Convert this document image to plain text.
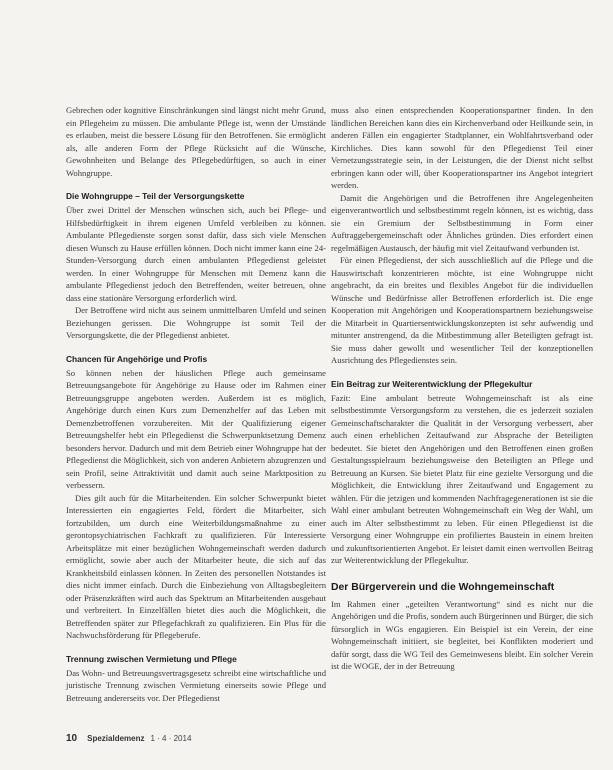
Gebrechen oder kognitive Einschränkungen sind längst nicht mehr Grund, ein Pflegeheim zu müssen. Die ambulante Pflege ist, wenn der Umstände es erlauben, meist die bessere Lösung für den Betroffenen. Sie ermöglicht als, alle anderen Form der Pflege Rücksicht auf die Wünsche, Gewohnheiten und Belange des Pflegebedürftigen, so auch in einer Wohngruppe.

Die Wohngruppe – Teil der Versorgungskette

Über zwei Drittel der Menschen wünschen sich, auch bei Pflege- und Hilfsbedürftigkeit in ihrem eigenen Umfeld verbleiben zu können. Ambulante Pflegedienste sorgen sonst dafür, dass sich viele Menschen diesen Wunsch zu Hause erfüllen können. Doch nicht immer kann eine 24-Stunden-Versorgung durch einen ambulanten Pflegedienst geleistet werden. In einer Wohngruppe für Menschen mit Demenz kann die ambulante Pflegedienst jedoch den Betreffenden, weiter betreuen, ohne dass eine stationäre Versorgung erforderlich wird.

Der Betroffene wird nicht aus seinem unmittelbaren Umfeld und seinen Beziehungen gerissen. Die Wohngruppe ist somit Teil der Versorgungskette, die der Pflegedienst anbietet.

Chancen für Angehörige und Profis

So können neben der häuslichen Pflege auch gemeinsame Betreuungsangebote für Angehörige zu Hause oder im Rahmen einer Betreuungsgruppe angeboten werden. Außerdem ist es möglich, Angehörige durch einen Kurs zum Demenzhelfer auf das Leben mit Demenzbetroffenen vorzubereiten. Mit der Qualifizierung eigener Betreuungshelfer hebt ein Pflegedienst die Schwerpunktsetzung Demenz besonders hervor. Dadurch und mit dem Betrieb einer Wohngruppe hat der Pflegedienst die Möglichkeit, sich von anderen Anbietern abzugrenzen und sein Profil, seine Attraktivität und damit auch seine Marktposition zu verbessern.

Dies gilt auch für die Mitarbeitenden. Ein solcher Schwerpunkt bietet Interessierten ein engagiertes Feld, fördert die Mitarbeiter, sich fortzubilden, um durch eine Weiterbildungsmaßnahme zu einer gerontopsychiatrischen Fachkraft zu qualifizieren. Für Interessierte Arbeitsplätze mit einer bezüglichen Wohngemeinschaft werden dadurch ermöglicht, sowie aber auch der Mitarbeiter heute, die sich auf das Krankheitsbild einlassen können. In Zeiten des personellen Notstandes ist dies nicht immer einfach. Durch die Einbeziehung von Alltagsbegleitern oder Präsenzkräften wird auch das Spektrum an Mitarbeitenden ausgebaut und verbreitert. In Einzelfällen bietet dies auch die Möglichkeit, die Betreffenden später zur Pflegefachkraft zu qualifizieren. Ein Plus für die Nachwuchsförderung für Pflegeberufe.

Trennung zwischen Vermietung und Pflege

Das Wohn- und Betreuungsvertragsgesetz schreibt eine wirtschaftliche und juristische Trennung zwischen Vermietung einerseits sowie Pflege und Betreuung andererseits vor. Der Pflegedienst

muss also einen entsprechenden Kooperationspartner finden. In den ländlichen Bereichen kann dies ein Kirchenverband oder Heilkunde sein, in anderen Fällen ein engagierter Stadtplanner, ein Wohlfahrtsverband oder Kirchliches. Dies kann sowohl für den Pflegedienst Teil einer Vernetzungsstrategie sein, in der Leistungen, die der Dienst nicht selbst erbringen kann oder will, über Kooperationspartner ins Angebot integriert werden.

Damit die Angehörigen und die Betroffenen ihre Angelegenheiten eigenverantwortlich und selbstbestimmt regeln können, ist es wichtig, dass sie ein Gremium der Selbstbestimmung in Form einer Auftraggebergemeinschaft oder Ähnliches gründen. Dies erfordert einen regelmäßigen Austausch, der häufig mit viel Zeitaufwand verbunden ist.

Für einen Pflegedienst, der sich ausschließlich auf die Pflege und die Hauswirtschaft konzentrieren möchte, ist eine Wohngruppe nicht angebracht, da ein breites und flexibles Angebot für die individuellen Wünsche und Bedürfnisse aller Betroffenen erforderlich ist. Die enge Kooperation mit Angehörigen und Kooperationspartnern beziehungsweise die Mitarbeit in Quartiersentwicklungskonzepten ist sehr aufwendig und mitunter anstrengend, da die Mitbestimmung aller Beteiligten gefragt ist. Sie muss daher gewollt und wesentlicher Teil der konzeptionellen Ausrichtung des Pflegedienstes sein.

Ein Beitrag zur Weiterentwicklung der Pflegekultur

Fazit: Eine ambulant betreute Wohngemeinschaft ist als eine selbstbestimmte Versorgungsform zu verstehen, die es jederzeit sozialen Gemeinschaftscharakter die Qualität in der Versorgung verbessert, aber auch einen erheblichen Zeitaufwand zur Absprache der Beteiligten bedeutet. Sie bietet den Angehörigen und den Betroffenen einen großen Gestaltungsspielraum beziehungsweise den Beteiligten an Pflege und Betreuung an Kursen. Sie bietet Platz für eine gezielte Versorgung und die Möglichkeit, die Entwicklung ihrer Zeitaufwand und Engagement zu wählen. Für die jetzigen und kommenden Nachfragegenerationen ist sie die Wahl einer ambulant betreuten Wohngemeinschaft ein Weg der Wahl, um auch im Alter selbstbestimmt zu leben. Für einen Pflegedienst ist die Versorgung einer Wohngruppe ein profiliertes Baustein in einem breiten und zukunftsorientierten Angebot. Er leistet damit einen wertvollen Beitrag zur Weiterentwicklung der Pflegekultur.

Der Bürgerverein und die Wohngemeinschaft

Im Rahmen einer „geteilten Verantwortung“ sind es nicht nur die Angehörigen und die Profis, sondern auch Bürgerinnen und Bürger, die sich fürsorglich in WGs engagieren. Ein Beispiel ist ein Verein, der eine Wohngemeinschaft initiiert, sie begleitet, bei Konflikten moderiert und dafür sorgt, dass die WG Teil des Gemeinwesens bleibt. Ein solcher Verein ist die WOGE, der in der Betreuung

10 Spezialdemenz 1 · 4 · 2014
